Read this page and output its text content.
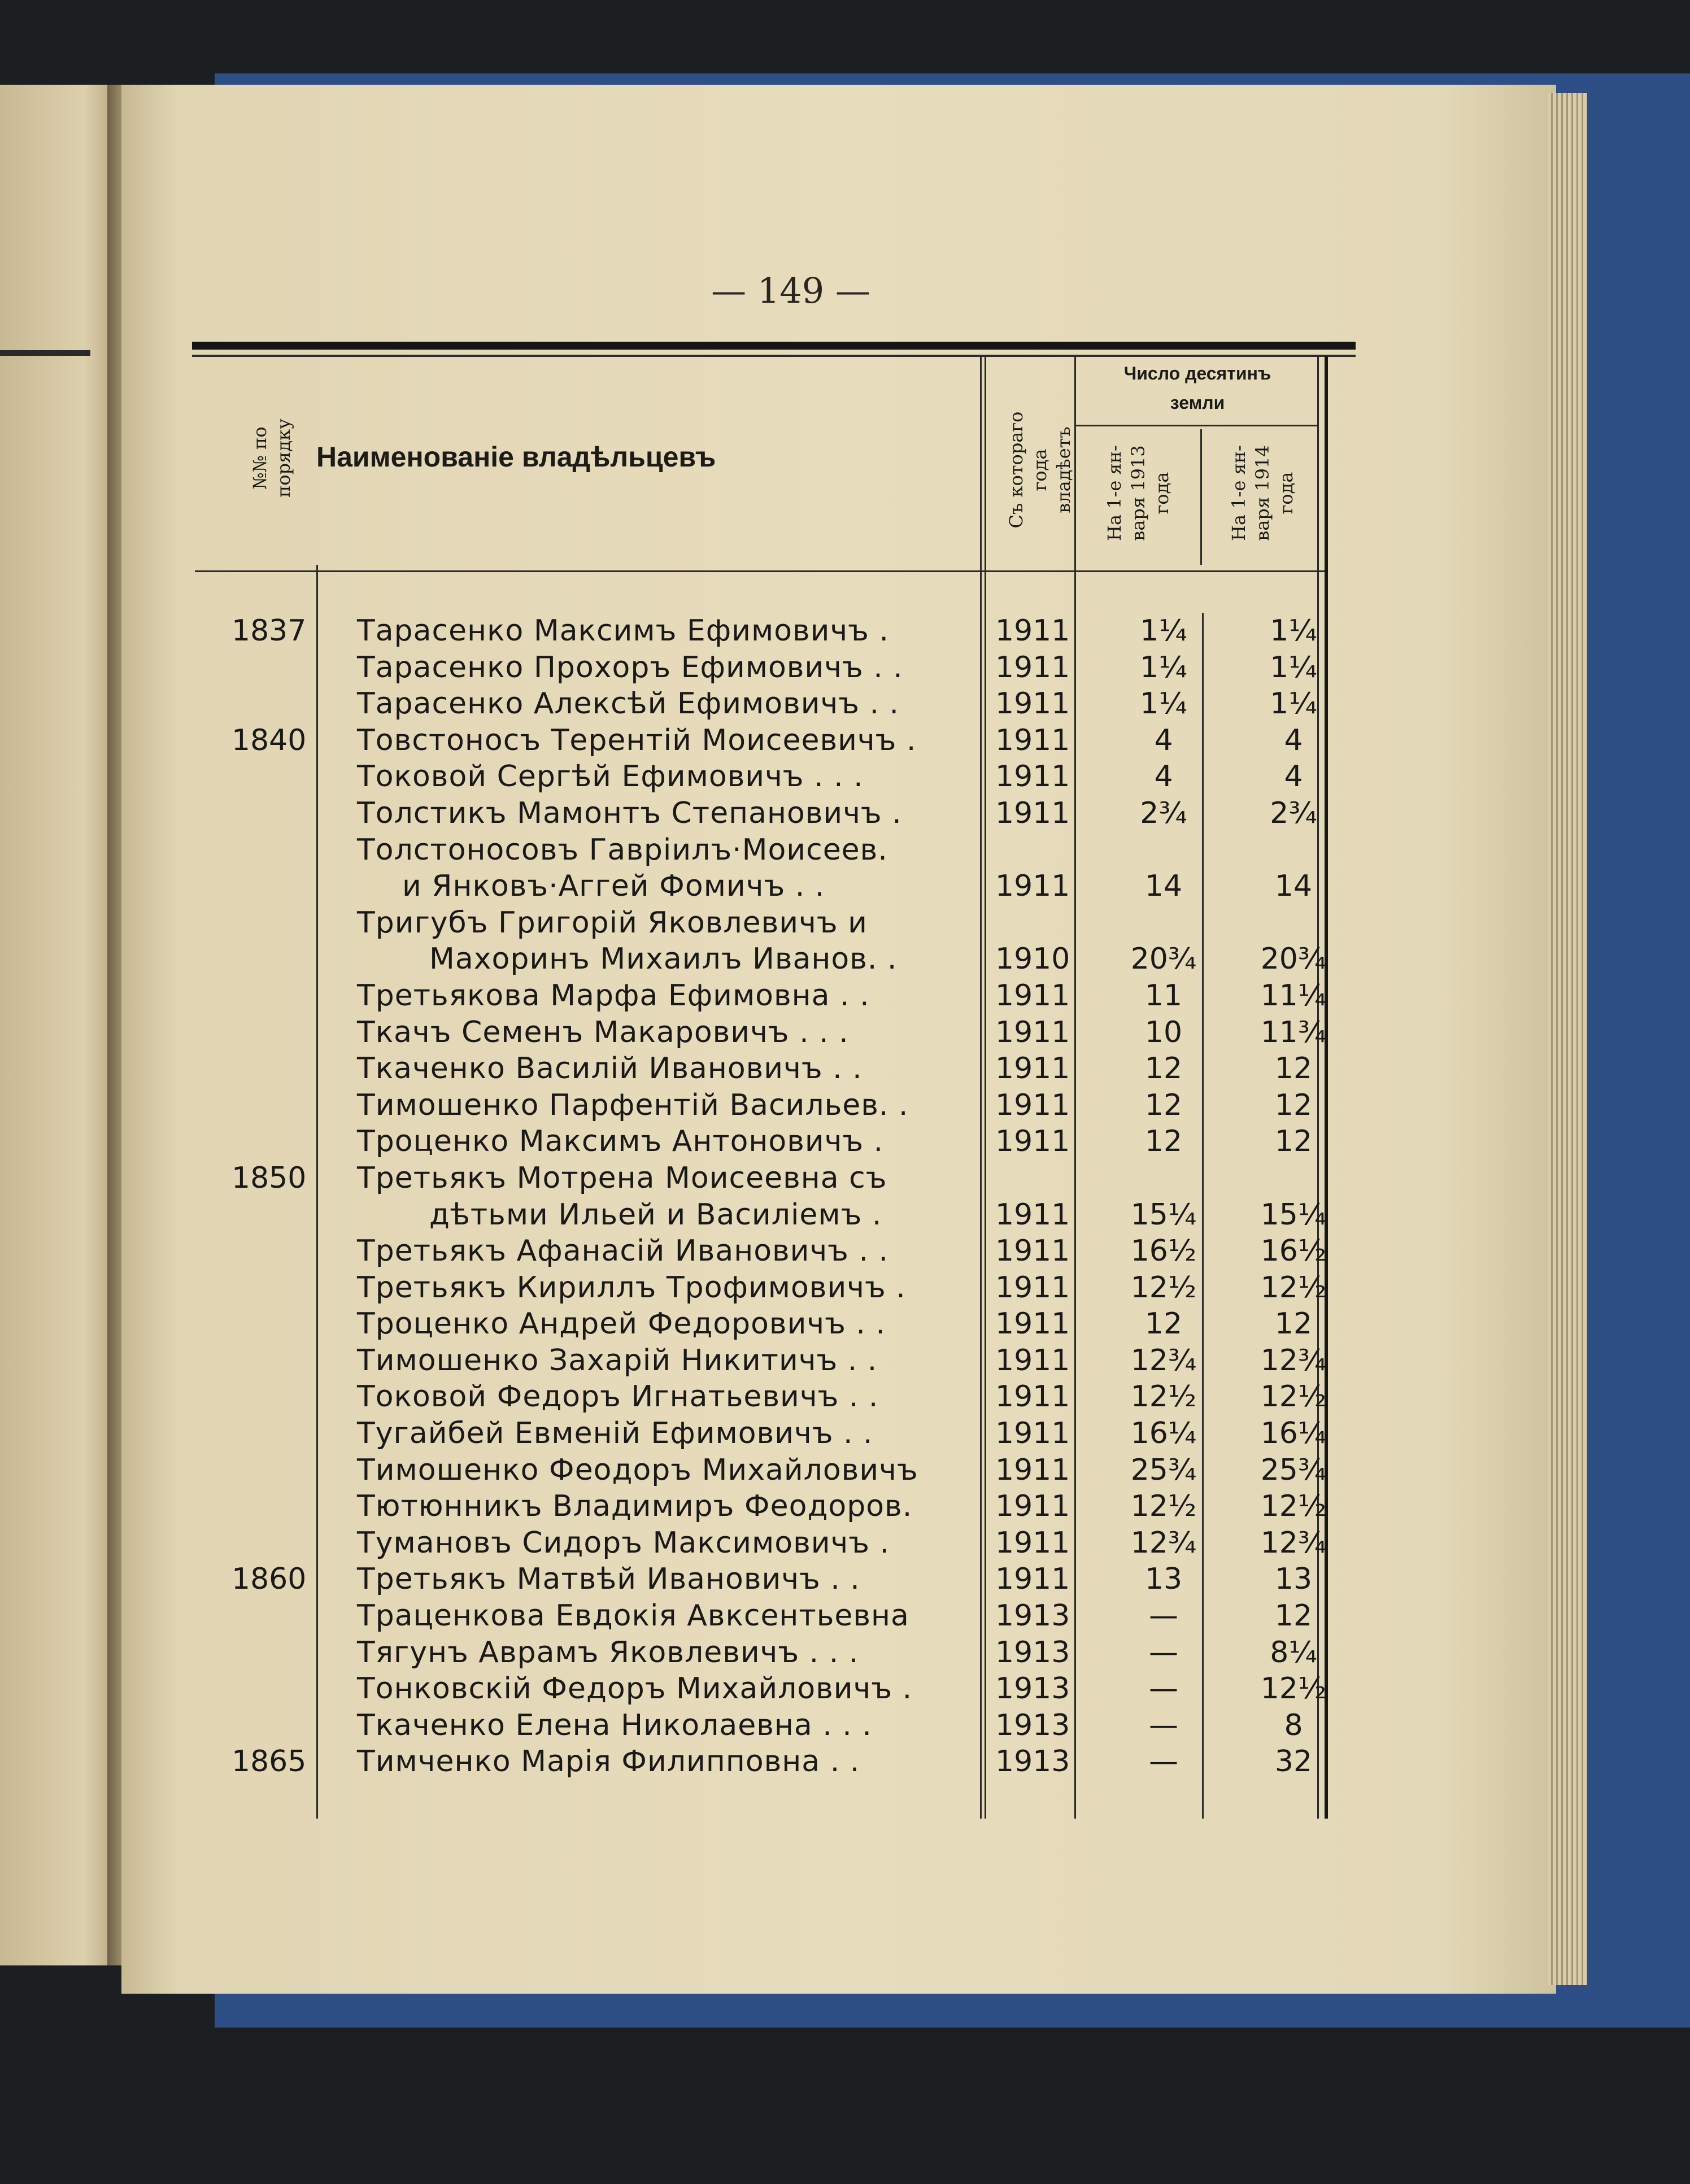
— 149 —
№№ по порядку Наименованіе владѣльцевъ	Съ котораго года владѣетъ
Число десятинъ
земли
На 1-е ян- варя 1913 года	На 1-е ян- варя 1914 года
1837 Тарасенко Максимъ Ефимовичъ .	1911	1¼	1¼
Тарасенко Прохоръ Ефимовичъ . .	1911	1¼	1¼
Тарасенко Алексѣй Ефимовичъ . .	1911	1¼	1¼
1840 Товстоносъ Терентій Моисеевичъ .	1911	4	4
Токовой Сергѣй Ефимовичъ . . .	1911	4	4
Толстикъ Мамонтъ Степановичъ .	1911	2¾	2¾
Толстоносовъ Гавріилъ·Моисеев.
и Янковъ·Аггей Фомичъ . .	1911	14	14
Тригубъ Григорій Яковлевичъ и
Махоринъ Михаилъ Иванов. .	1910	20¾	20¾
Третьякова Марфа Ефимовна . .	1911	11	11¼
Ткачъ Семенъ Макаровичъ . . .	1911	10	11¾
Ткаченко Василій Ивановичъ . .	1911	12	12
Тимошенко Парфентій Васильев. .	1911	12	12
Троценко Максимъ Антоновичъ .	1911	12	12
1850 Третьякъ Мотрена Моисеевна съ
дѣтьми Ильей и Василіемъ .	1911	15¼	15¼
Третьякъ Афанасій Ивановичъ . .	1911	16½	16½
Третьякъ Кириллъ Трофимовичъ .	1911	12½	12½
Троценко Андрей Федоровичъ . .	1911	12	12
Тимошенко Захарій Никитичъ . .	1911	12¾	12¾
Токовой Федоръ Игнатьевичъ . .	1911	12½	12½
Тугайбей Евменій Ефимовичъ . .	1911	16¼	16¼
Тимошенко Феодоръ Михайловичъ	1911	25¾	25¾
Тютюнникъ Владимиръ Феодоров.	1911	12½	12½
Тумановъ Сидоръ Максимовичъ .	1911	12¾	12¾
1860 Третьякъ Матвѣй Ивановичъ . .	1911	13	13
Траценкова Евдокія Авксентьевна	1913	—	12
Тягунъ Аврамъ Яковлевичъ . . .	1913	—	8¼
Тонковскій Федоръ Михайловичъ .	1913	—	12½
Ткаченко Елена Николаевна . . .	1913	—	8
1865 Тимченко Марія Филипповна . .	1913	—	32
